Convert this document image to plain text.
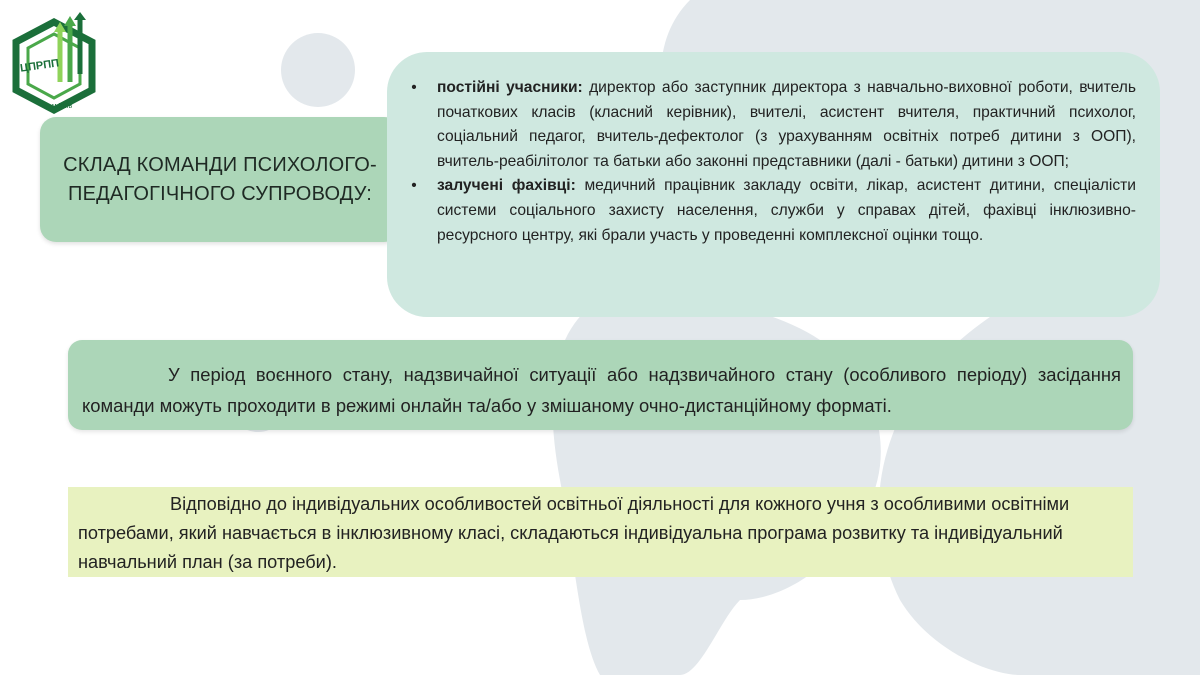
ЦПРПП
м.Київ
СКЛАД КОМАНДИ ПСИХОЛОГО-
ПЕДАГОГІЧНОГО СУПРОВОДУ:
• постійні учасники: директор або заступник директора з навчально-виховної роботи, вчитель початкових класів (класний керівник), вчителі, асистент вчителя, практичний психолог, соціальний педагог, вчитель-дефектолог (з урахуванням освітніх потреб дитини з ООП), вчитель-реабілітолог та батьки або законні представники (далі - батьки) дитини з ООП;
• залучені фахівці: медичний працівник закладу освіти, лікар, асистент дитини, спеціалісти системи соціального захисту населення, служби у справах дітей, фахівці інклюзивно-ресурсного центру, які брали участь у проведенні комплексної оцінки тощо.

У період воєнного стану, надзвичайної ситуації або надзвичайного стану (особливого періоду) засідання команди можуть проходити в режимі онлайн та/або у змішаному очно-дистанційному форматі.

Відповідно до індивідуальних особливостей освітньої діяльності для кожного учня з особливими освітніми потребами, який навчається в інклюзивному класі, складаються індивідуальна програма розвитку та індивідуальний навчальний план (за потреби).
